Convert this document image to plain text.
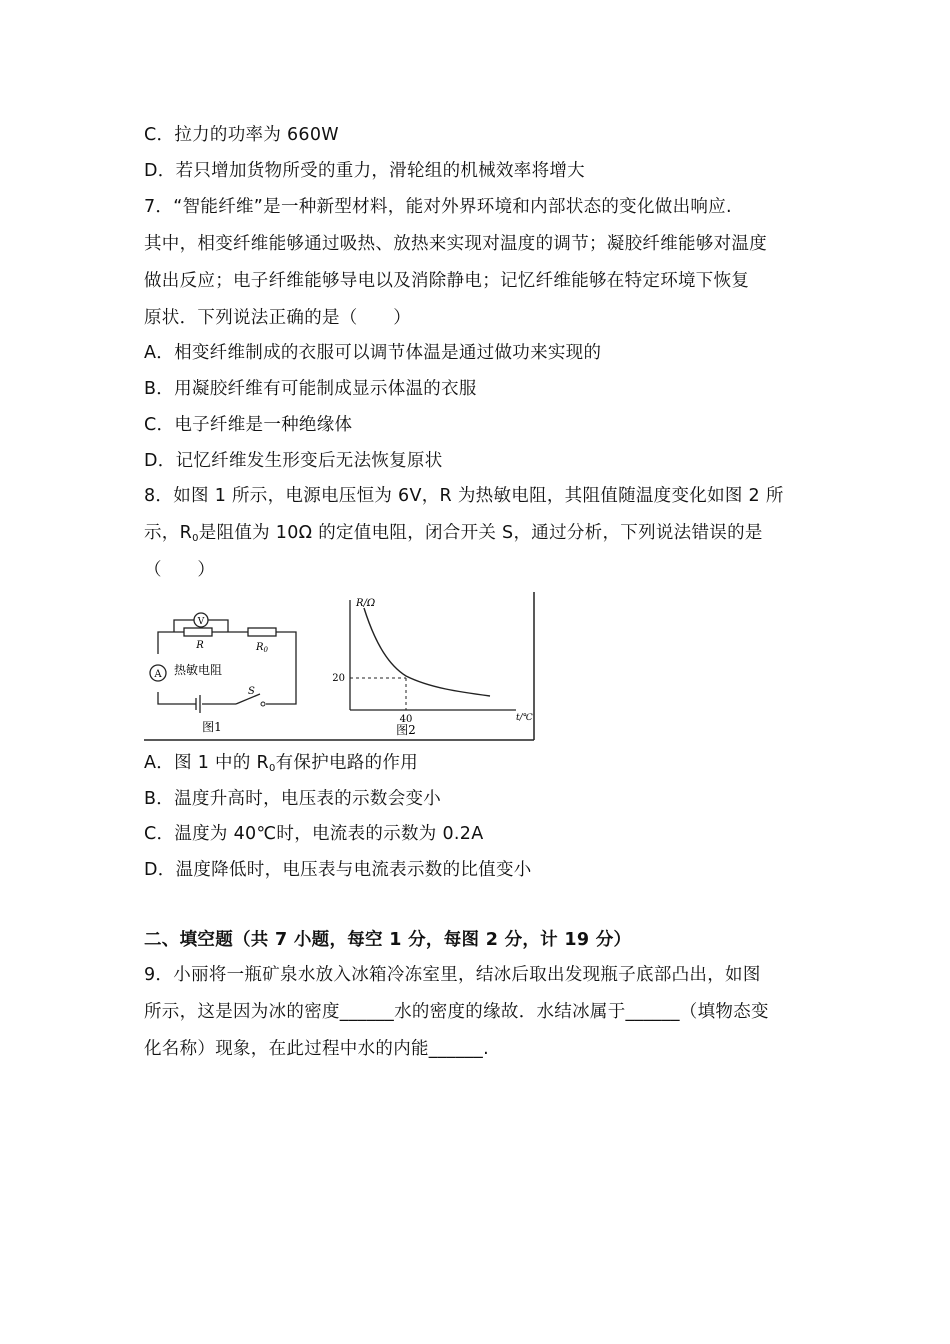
C．拉力的功率为 660W
D．若只增加货物所受的重力，滑轮组的机械效率将增大
7．“智能纤维”是一种新型材料，能对外界环境和内部状态的变化做出响应.
其中，相变纤维能够通过吸热、放热来实现对温度的调节；凝胶纤维能够对温度
做出反应；电子纤维能够导电以及消除静电；记忆纤维能够在特定环境下恢复
原状．下列说法正确的是（　　）
A．相变纤维制成的衣服可以调节体温是通过做功来实现的
B．用凝胶纤维有可能制成显示体温的衣服
C．电子纤维是一种绝缘体
D．记忆纤维发生形变后无法恢复原状
8．如图 1 所示，电源电压恒为 6V，R 为热敏电阻，其阻值随温度变化如图 2 所
示，$R_0$是阻值为 10Ω 的定值电阻，闭合开关 S，通过分析，下列说法错误的是
（　　）
V
A
R
热敏电阻
$R_0$
S
图1
R/Ω
t/℃
20
40
图2
A．图 1 中的 $R_0$有保护电路的作用
B．温度升高时，电压表的示数会变小
C．温度为 40℃时，电流表的示数为 0.2A
D．温度降低时，电压表与电流表示数的比值变小
二、填空题（共 7 小题，每空 1 分，每图 2 分，计 19 分）
9．小丽将一瓶矿泉水放入冰箱冷冻室里，结冰后取出发现瓶子底部凸出，如图
所示，这是因为冰的密度______水的密度的缘故．水结冰属于______（填物态变
化名称）现象，在此过程中水的内能______.
